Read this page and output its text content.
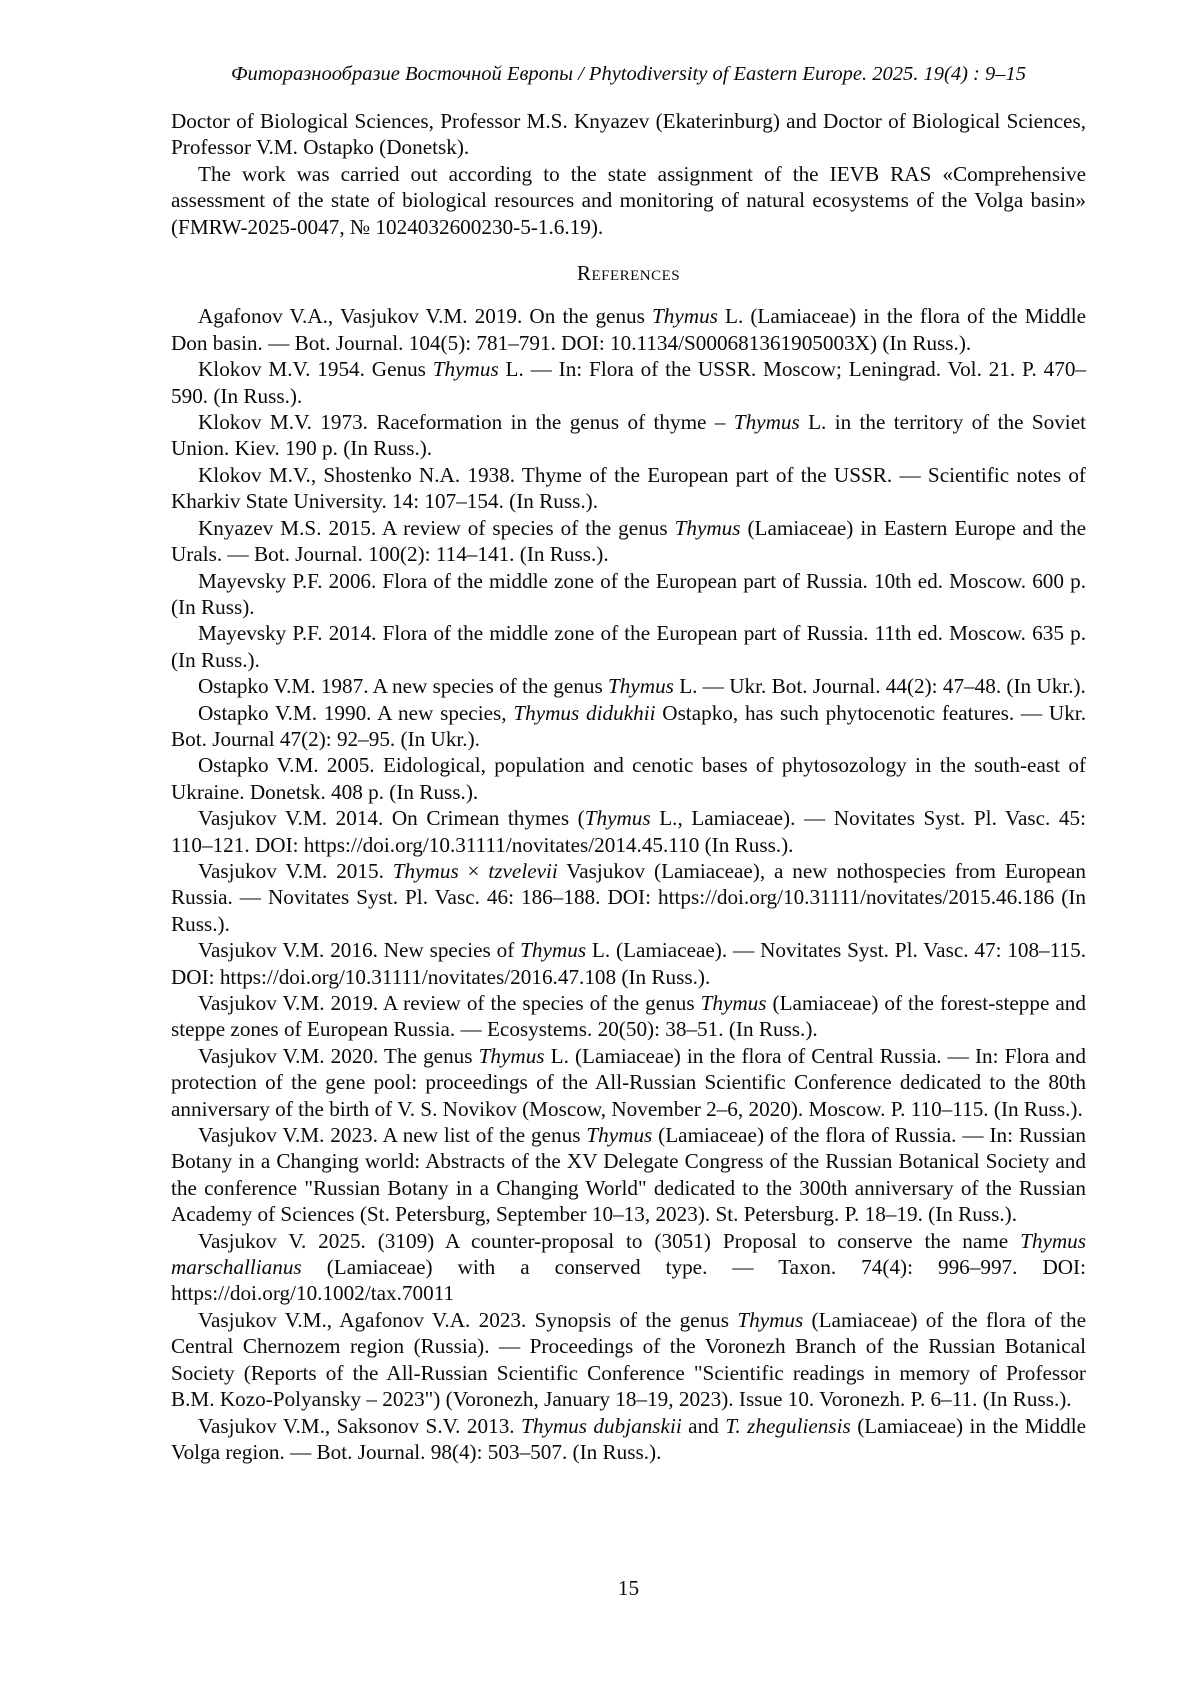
Фиторазнообразие Восточной Европы / Phytodiversity of Eastern Europe. 2025. 19(4) : 9–15

Doctor of Biological Sciences, Professor M.S. Knyazev (Ekaterinburg) and Doctor of Biological Sciences, Professor V.M. Ostapko (Donetsk).

The work was carried out according to the state assignment of the IEVB RAS «Comprehensive assessment of the state of biological resources and monitoring of natural ecosystems of the Volga basin» (FMRW-2025-0047, № 1024032600230-5-1.6.19).

References

Agafonov V.A., Vasjukov V.M. 2019. On the genus Thymus L. (Lamiaceae) in the flora of the Middle Don basin. — Bot. Journal. 104(5): 781–791. DOI: 10.1134/S000681361905003X) (In Russ.).

Klokov M.V. 1954. Genus Thymus L. — In: Flora of the USSR. Moscow; Leningrad. Vol. 21. P. 470–590. (In Russ.).

Klokov M.V. 1973. Raceformation in the genus of thyme – Thymus L. in the territory of the Soviet Union. Kiev. 190 p. (In Russ.).

Klokov M.V., Shostenko N.A. 1938. Thyme of the European part of the USSR. — Scientific notes of Kharkiv State University. 14: 107–154. (In Russ.).

Knyazev M.S. 2015. A review of species of the genus Thymus (Lamiaceae) in Eastern Europe and the Urals. — Bot. Journal. 100(2): 114–141. (In Russ.).

Mayevsky P.F. 2006. Flora of the middle zone of the European part of Russia. 10th ed. Moscow. 600 p. (In Russ).

Mayevsky P.F. 2014. Flora of the middle zone of the European part of Russia. 11th ed. Moscow. 635 p. (In Russ.).

Ostapko V.M. 1987. A new species of the genus Thymus L. — Ukr. Bot. Journal. 44(2): 47–48. (In Ukr.).

Ostapko V.M. 1990. A new species, Thymus didukhii Ostapko, has such phytocenotic features. — Ukr. Bot. Journal 47(2): 92–95. (In Ukr.).

Ostapko V.M. 2005. Eidological, population and cenotic bases of phytosozology in the south-east of Ukraine. Donetsk. 408 p. (In Russ.).

Vasjukov V.M. 2014. On Crimean thymes (Thymus L., Lamiaceae). — Novitates Syst. Pl. Vasc. 45: 110–121. DOI: https://doi.org/10.31111/novitates/2014.45.110 (In Russ.).

Vasjukov V.M. 2015. Thymus × tzvelevii Vasjukov (Lamiaceae), a new nothospecies from European Russia. — Novitates Syst. Pl. Vasc. 46: 186–188. DOI: https://doi.org/10.31111/novitates/2015.46.186 (In Russ.).

Vasjukov V.M. 2016. New species of Thymus L. (Lamiaceae). — Novitates Syst. Pl. Vasc. 47: 108–115. DOI: https://doi.org/10.31111/novitates/2016.47.108 (In Russ.).

Vasjukov V.M. 2019. A review of the species of the genus Thymus (Lamiaceae) of the forest-steppe and steppe zones of European Russia. — Ecosystems. 20(50): 38–51. (In Russ.).

Vasjukov V.M. 2020. The genus Thymus L. (Lamiaceae) in the flora of Central Russia. — In: Flora and protection of the gene pool: proceedings of the All-Russian Scientific Conference dedicated to the 80th anniversary of the birth of V. S. Novikov (Moscow, November 2–6, 2020). Moscow. P. 110–115. (In Russ.).

Vasjukov V.M. 2023. A new list of the genus Thymus (Lamiaceae) of the flora of Russia. — In: Russian Botany in a Changing world: Abstracts of the XV Delegate Congress of the Russian Botanical Society and the conference "Russian Botany in a Changing World" dedicated to the 300th anniversary of the Russian Academy of Sciences (St. Petersburg, September 10–13, 2023). St. Petersburg. P. 18–19. (In Russ.).

Vasjukov V. 2025. (3109) A counter-proposal to (3051) Proposal to conserve the name Thymus marschallianus (Lamiaceae) with a conserved type. — Taxon. 74(4): 996–997. DOI: https://doi.org/10.1002/tax.70011

Vasjukov V.M., Agafonov V.A. 2023. Synopsis of the genus Thymus (Lamiaceae) of the flora of the Central Chernozem region (Russia). — Proceedings of the Voronezh Branch of the Russian Botanical Society (Reports of the All-Russian Scientific Conference "Scientific readings in memory of Professor B.M. Kozo-Polyansky – 2023") (Voronezh, January 18–19, 2023). Issue 10. Voronezh. P. 6–11. (In Russ.).

Vasjukov V.M., Saksonov S.V. 2013. Thymus dubjanskii and T. zheguliensis (Lamiaceae) in the Middle Volga region. — Bot. Journal. 98(4): 503–507. (In Russ.).

15
